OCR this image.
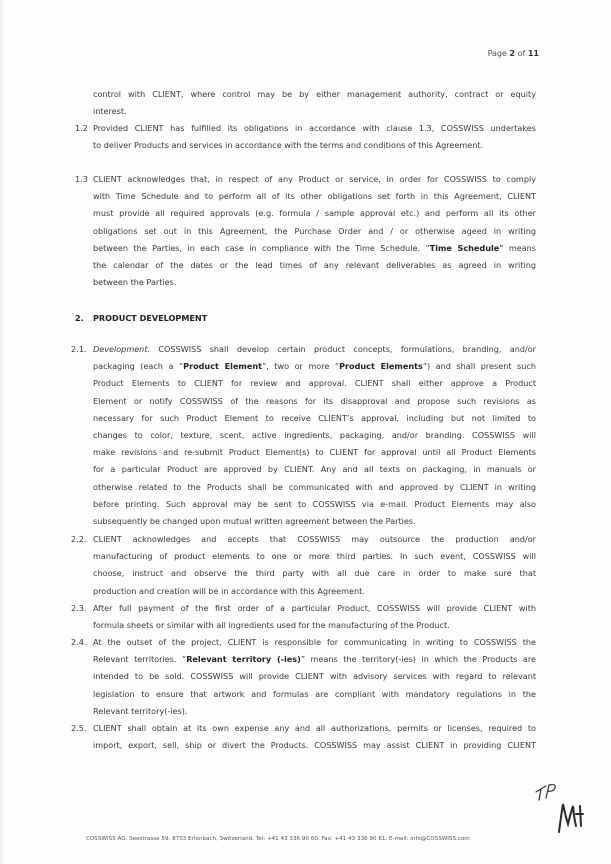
Page 2 of 11
control with CLIENT, where control may be by either management authority, contract or equity
interest.
1.2 Provided CLIENT has fulfilled its obligations in accordance with clause 1.3, COSSWISS undertakes
to deliver Products and services in accordance with the terms and conditions of this Agreement.
1.3 CLIENT acknowledges that, in respect of any Product or service, in order for COSSWISS to comply
with Time Schedule and to perform all of its other obligations set forth in this Agreement, CLIENT
must provide all required approvals (e.g. formula / sample approval etc.) and perform all its other
obligations set out in this Agreement, the Purchase Order and / or otherwise ageed in writing
between the Parties, in each case in compliance with the Time Schedule. “Time Schedule” means
the calendar of the dates or the lead times of any relevant deliverables as agreed in writing
between the Parties.
2. PRODUCT DEVELOPMENT
2.1. Development. COSSWISS shall develop certain product concepts, formulations, branding, and/or
packaging (each a “Product Element”, two or more “Product Elements”) and shall present such
Product Elements to CLIENT for review and approval. CLIENT shall either approve a Product
Element or notify COSSWISS of the reasons for its disapproval and propose such revisions as
necessary for such Product Element to receive CLIENT’s approval, including but not limited to
changes to color, texture, scent, active ingredients, packaging, and/or branding. COSSWISS will
make revisions and re-submit Product Element(s) to CLIENT for approval until all Product Elements
for a particular Product are approved by CLIENT. Any and all texts on packaging, in manuals or
otherwise related to the Products shall be communicated with and approved by CLIENT in writing
before printing. Such approval may be sent to COSSWISS via e-mail. Product Elements may also
subsequently be changed upon mutual written agreement between the Parties.
2.2. CLIENT acknowledges and accepts that COSSWISS may outsource the production and/or
manufacturing of product elements to one or more third parties. In such event, COSSWISS will
choose, instruct and observe the third party with all due care in order to make sure that
production and creation will be in accordance with this Agreement.
2.3. After full payment of the first order of a particular Product, COSSWISS will provide CLIENT with
formula sheets or similar with all ingredients used for the manufacturing of the Product.
2.4. At the outset of the project, CLIENT is responsible for communicating in writing to COSSWISS the
Relevant territories. “Relevant territory (-ies)” means the territory(-ies) in which the Products are
intended to be sold. COSSWISS will provide CLIENT with advisory services with regard to relevant
legislation to ensure that artwork and formulas are compliant with mandatory regulations in the
Relevant territory(-ies).
2.5. CLIENT shall obtain at its own expense any and all authorizations, permits or licenses, required to
import, export, sell, ship or divert the Products. COSSWISS may assist CLIENT in providing CLIENT
COSSWISS AG, Seestrasse 59, 8703 Erlenbach, Switzerland, Tel: +41 43 336 90 60, Fax: +41 43 336 90 61, E-mail: info@COSSWISS.com
